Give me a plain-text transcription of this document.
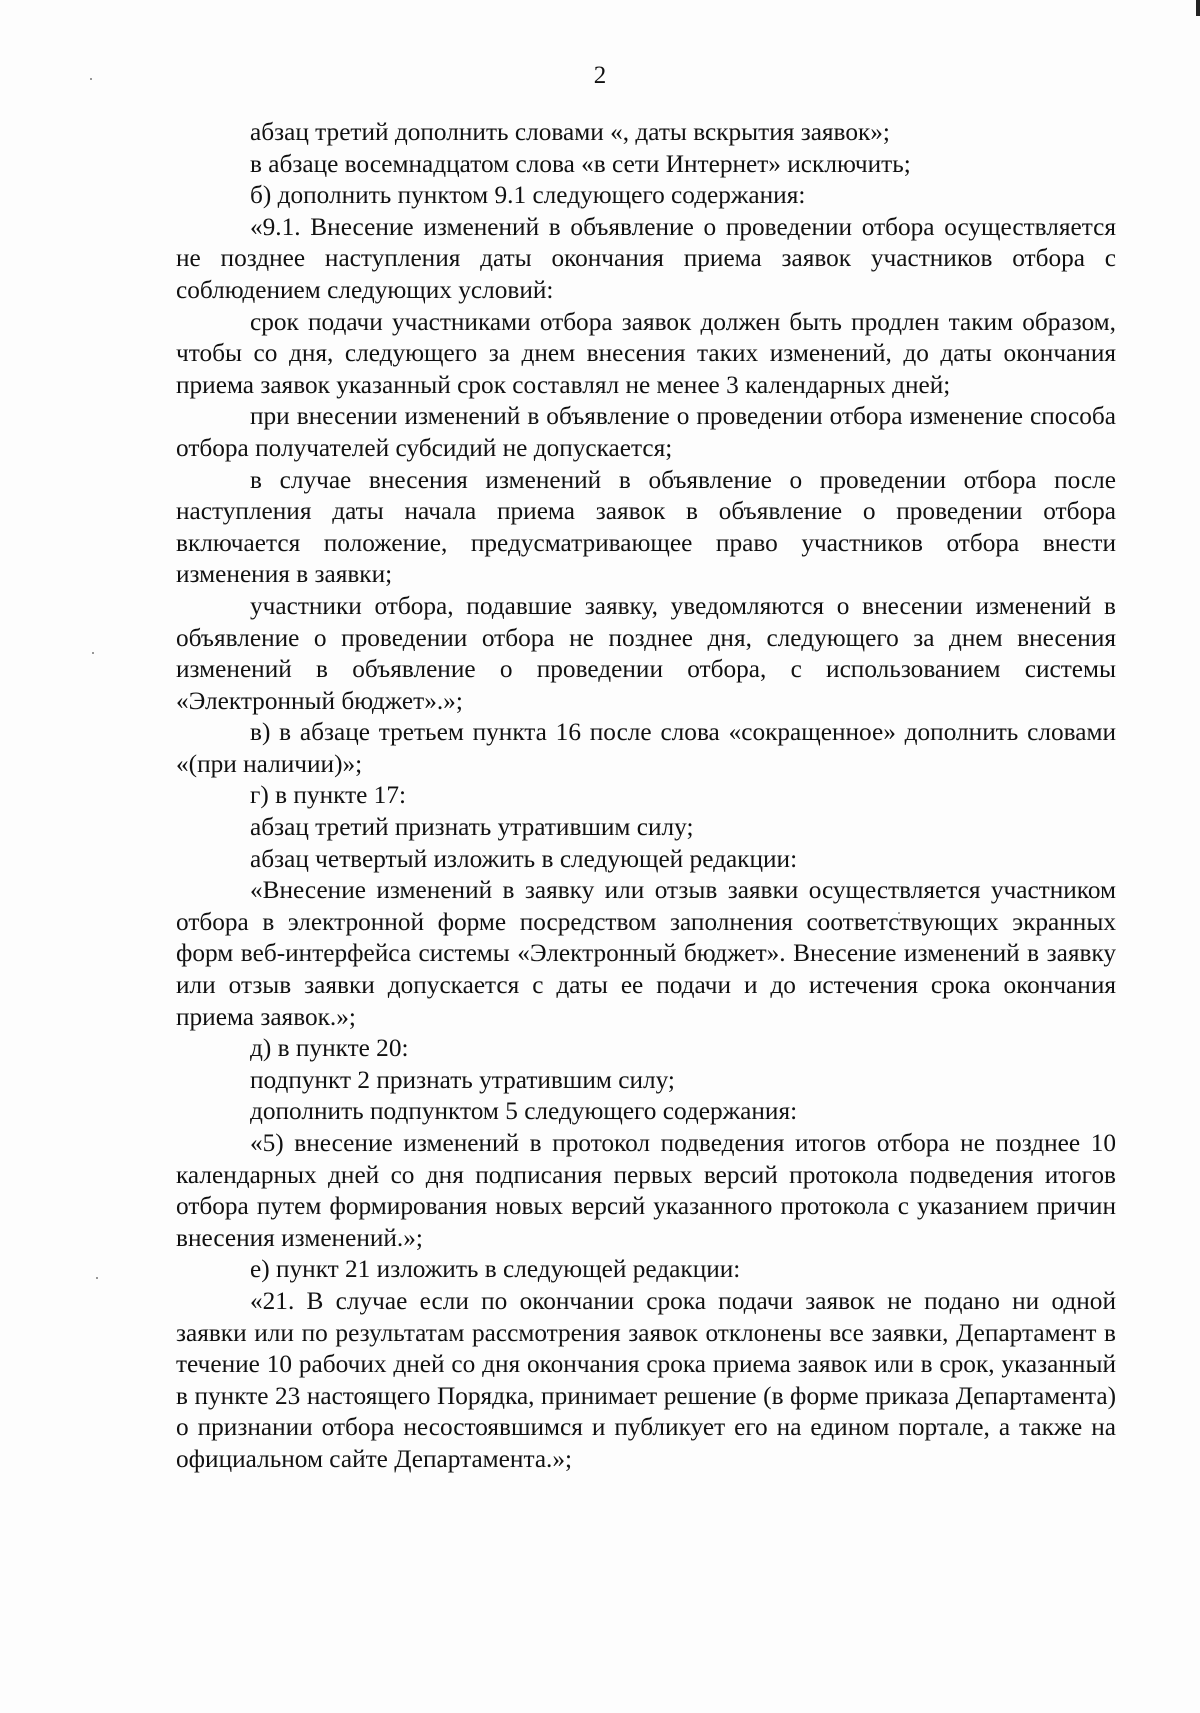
2

абзац третий дополнить словами «, даты вскрытия заявок»;

в абзаце восемнадцатом слова «в сети Интернет» исключить;

б) дополнить пунктом 9.1 следующего содержания:

«9.1. Внесение изменений в объявление о проведении отбора осуществляется не позднее наступления даты окончания приема заявок участников отбора с соблюдением следующих условий:

срок подачи участниками отбора заявок должен быть продлен таким образом, чтобы со дня, следующего за днем внесения таких изменений, до даты окончания приема заявок указанный срок составлял не менее 3 календарных дней;

при внесении изменений в объявление о проведении отбора изменение способа отбора получателей субсидий не допускается;

в случае внесения изменений в объявление о проведении отбора после наступления даты начала приема заявок в объявление о проведении отбора включается положение, предусматривающее право участников отбора внести изменения в заявки;

участники отбора, подавшие заявку, уведомляются о внесении изменений в объявление о проведении отбора не позднее дня, следующего за днем внесения изменений в объявление о проведении отбора, с использованием системы «Электронный бюджет».»;

в) в абзаце третьем пункта 16 после слова «сокращенное» дополнить словами «(при наличии)»;

г) в пункте 17:

абзац третий признать утратившим силу;

абзац четвертый изложить в следующей редакции:

«Внесение изменений в заявку или отзыв заявки осуществляется участником отбора в электронной форме посредством заполнения соответствующих экранных форм веб-интерфейса системы «Электронный бюджет». Внесение изменений в заявку или отзыв заявки допускается с даты ее подачи и до истечения срока окончания приема заявок.»;

д) в пункте 20:

подпункт 2 признать утратившим силу;

дополнить подпунктом 5 следующего содержания:

«5) внесение изменений в протокол подведения итогов отбора не позднее 10 календарных дней со дня подписания первых версий протокола подведения итогов отбора путем формирования новых версий указанного протокола с указанием причин внесения изменений.»;

е) пункт 21 изложить в следующей редакции:

«21. В случае если по окончании срока подачи заявок не подано ни одной заявки или по результатам рассмотрения заявок отклонены все заявки, Департамент в течение 10 рабочих дней со дня окончания срока приема заявок или в срок, указанный в пункте 23 настоящего Порядка, принимает решение (в форме приказа Департамента) о признании отбора несостоявшимся и публикует его на едином портале, а также на официальном сайте Департамента.»;
